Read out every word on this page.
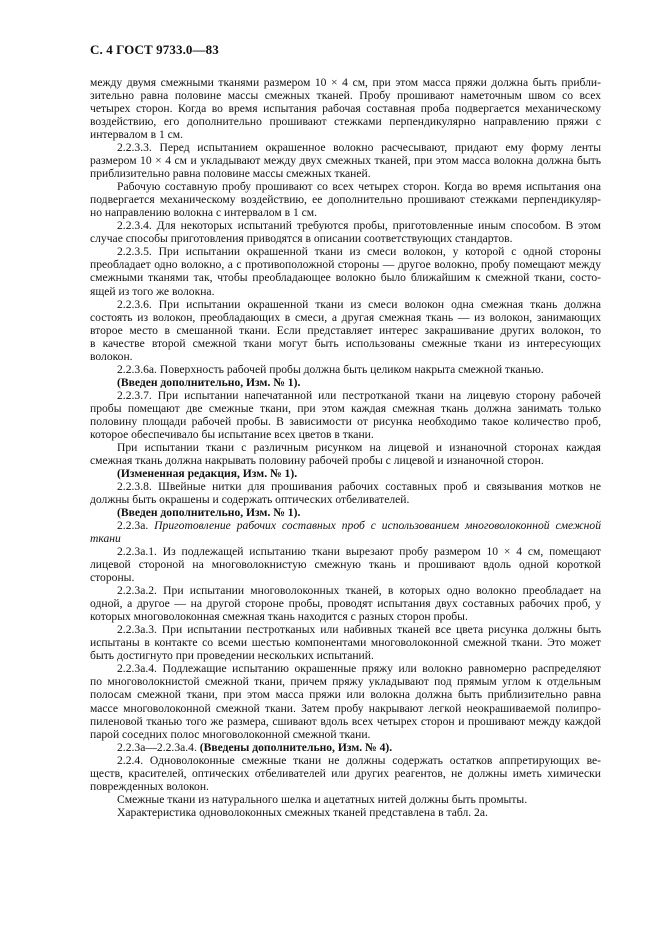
С. 4 ГОСТ 9733.0—83
между двумя смежными тканями размером 10 × 4 см, при этом масса пряжи должна быть прибли-
зительно равна половине массы смежных тканей. Пробу прошивают наметочным швом со всех
четырех сторон. Когда во время испытания рабочая составная проба подвергается механическому
воздействию, его дополнительно прошивают стежками перпендикулярно направлению пряжи с
интервалом в 1 см.
2.2.3.3. Перед испытанием окрашенное волокно расчесывают, придают ему форму ленты
размером 10 × 4 см и укладывают между двух смежных тканей, при этом масса волокна должна быть
приблизительно равна половине массы смежных тканей.
Рабочую составную пробу прошивают со всех четырех сторон. Когда во время испытания она
подвергается механическому воздействию, ее дополнительно прошивают стежками перпендикуляр-
но направлению волокна с интервалом в 1 см.
2.2.3.4. Для некоторых испытаний требуются пробы, приготовленные иным способом. В этом
случае способы приготовления приводятся в описании соответствующих стандартов.
2.2.3.5. При испытании окрашенной ткани из смеси волокон, у которой с одной стороны
преобладает одно волокно, а с противоположной стороны — другое волокно, пробу помещают между
смежными тканями так, чтобы преобладающее волокно было ближайшим к смежной ткани, состо-
ящей из того же волокна.
2.2.3.6. При испытании окрашенной ткани из смеси волокон одна смежная ткань должна
состоять из волокон, преобладающих в смеси, а другая смежная ткань — из волокон, занимающих
второе место в смешанной ткани. Если представляет интерес закрашивание других волокон, то
в качестве второй смежной ткани могут быть использованы смежные ткани из интересующих
волокон.
2.2.3.6а. Поверхность рабочей пробы должна быть целиком накрыта смежной тканью.
(Введен дополнительно, Изм. № 1).
2.2.3.7. При испытании напечатанной или пестротканой ткани на лицевую сторону рабочей
пробы помещают две смежные ткани, при этом каждая смежная ткань должна занимать только
половину площади рабочей пробы. В зависимости от рисунка необходимо такое количество проб,
которое обеспечивало бы испытание всех цветов в ткани.
При испытании ткани с различным рисунком на лицевой и изнаночной сторонах каждая
смежная ткань должна накрывать половину рабочей пробы с лицевой и изнаночной сторон.
(Измененная редакция, Изм. № 1).
2.2.3.8. Швейные нитки для прошивания рабочих составных проб и связывания мотков не
должны быть окрашены и содержать оптических отбеливателей.
(Введен дополнительно, Изм. № 1).
2.2.3а. Приготовление рабочих составных проб с использованием многоволоконной смежной
ткани
2.2.3а.1. Из подлежащей испытанию ткани вырезают пробу размером 10 × 4 см, помещают
лицевой стороной на многоволокнистую смежную ткань и прошивают вдоль одной короткой
стороны.
2.2.3а.2. При испытании многоволоконных тканей, в которых одно волокно преобладает на
одной, а другое — на другой стороне пробы, проводят испытания двух составных рабочих проб, у
которых многоволоконная смежная ткань находится с разных сторон пробы.
2.2.3а.3. При испытании пестротканых или набивных тканей все цвета рисунка должны быть
испытаны в контакте со всеми шестью компонентами многоволоконной смежной ткани. Это может
быть достигнуто при проведении нескольких испытаний.
2.2.3а.4. Подлежащие испытанию окрашенные пряжу или волокно равномерно распределяют
по многоволокнистой смежной ткани, причем пряжу укладывают под прямым углом к отдельным
полосам смежной ткани, при этом масса пряжи или волокна должна быть приблизительно равна
массе многоволоконной смежной ткани. Затем пробу накрывают легкой неокрашиваемой полипро-
пиленовой тканью того же размера, сшивают вдоль всех четырех сторон и прошивают между каждой
парой соседних полос многоволоконной смежной ткани.
2.2.3а—2.2.3а.4. (Введены дополнительно, Изм. № 4).
2.2.4. Одноволоконные смежные ткани не должны содержать остатков аппретирующих ве-
ществ, красителей, оптических отбеливателей или других реагентов, не должны иметь химически
поврежденных волокон.
Смежные ткани из натурального шелка и ацетатных нитей должны быть промыты.
Характеристика одноволоконных смежных тканей представлена в табл. 2а.
